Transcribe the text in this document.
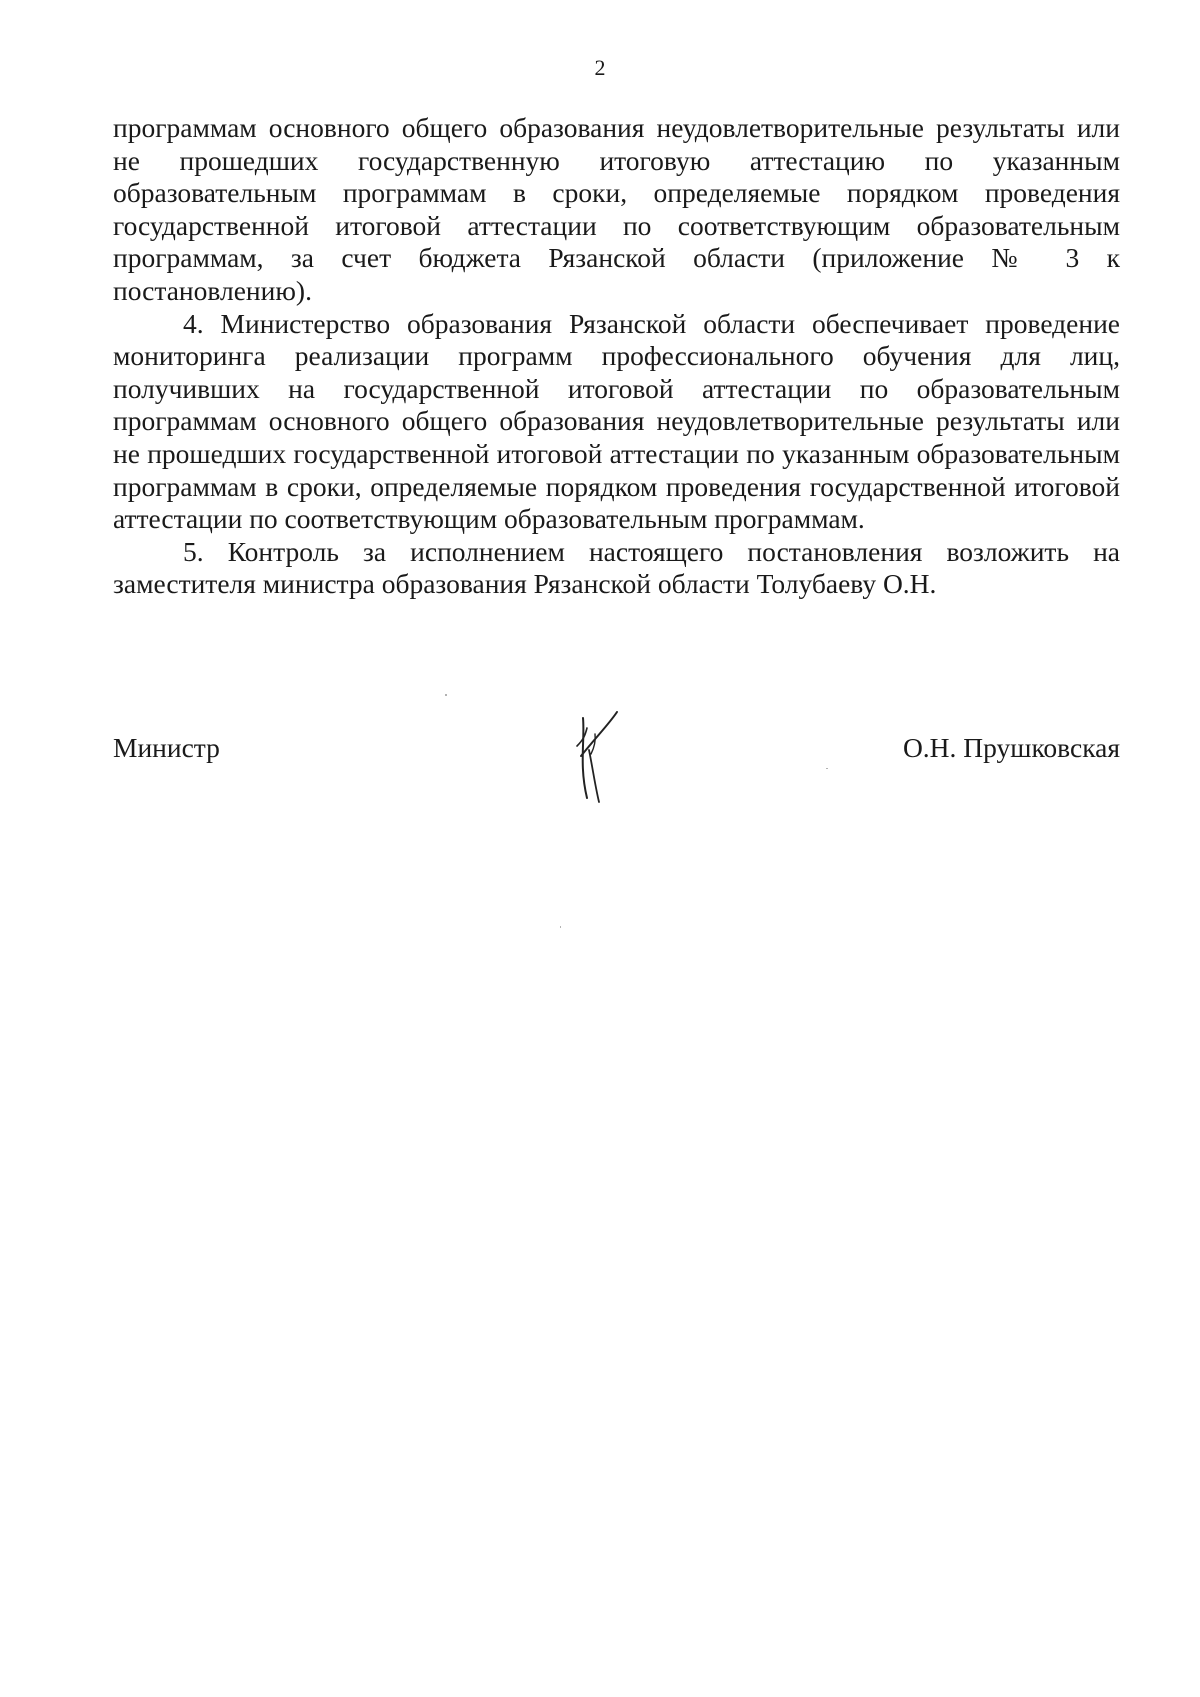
2

программам основного общего образования неудовлетворительные результаты или не прошедших государственную итоговую аттестацию по указанным образовательным программам в сроки, определяемые порядком проведения государственной итоговой аттестации по соответствующим образовательным программам, за счет бюджета Рязанской области (приложение № 3 к постановлению).

4. Министерство образования Рязанской области обеспечивает проведение мониторинга реализации программ профессионального обучения для лиц, получивших на государственной итоговой аттестации по образовательным программам основного общего образования неудовлетворительные результаты или не прошедших государственной итоговой аттестации по указанным образовательным программам в сроки, определяемые порядком проведения государственной итоговой аттестации по соответствующим образовательным программам.

5. Контроль за исполнением настоящего постановления возложить на заместителя министра образования Рязанской области Толубаеву О.Н.

Министр	О.Н. Прушковская
